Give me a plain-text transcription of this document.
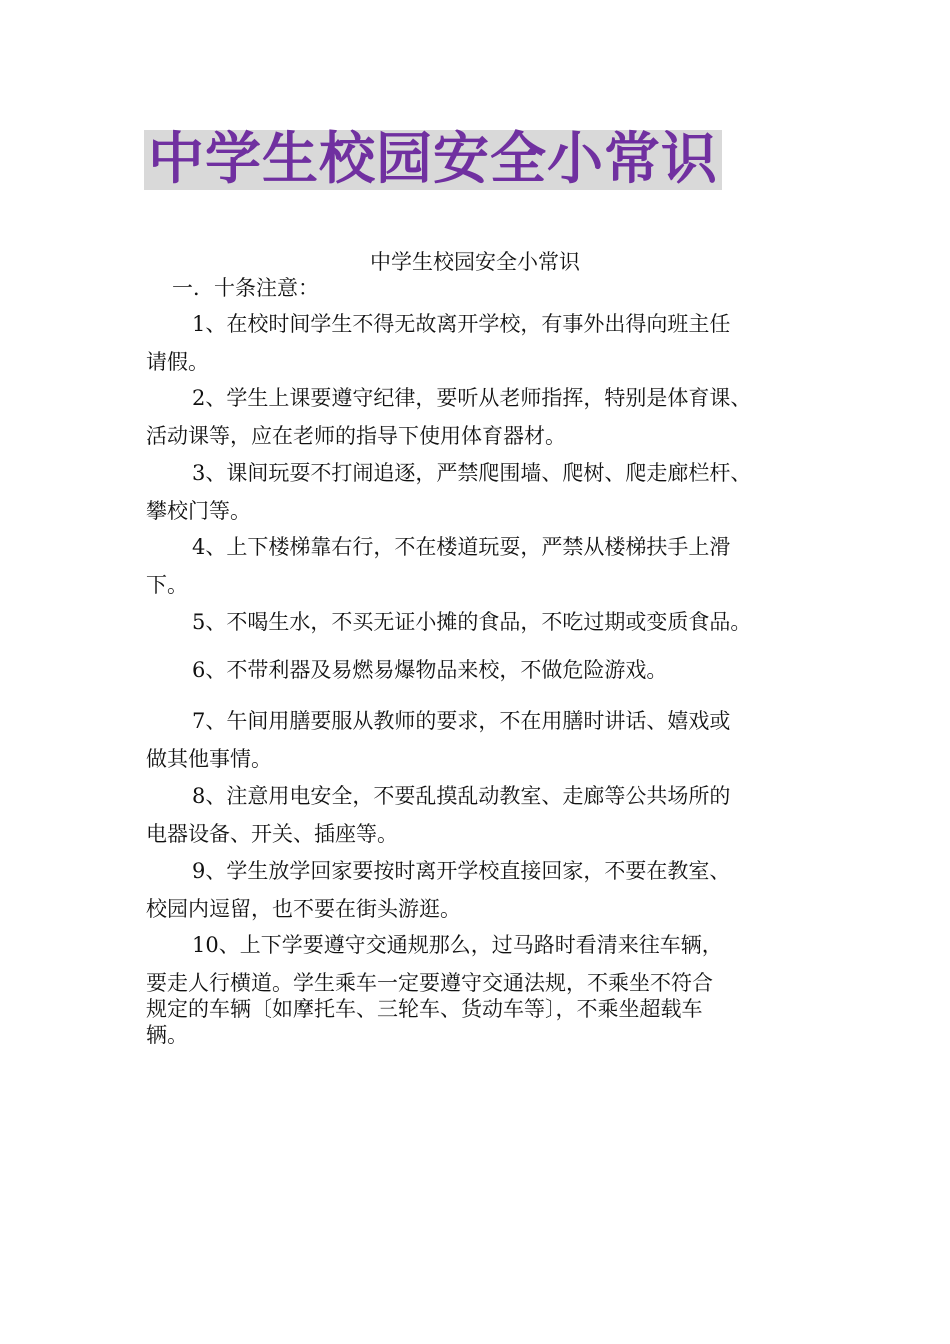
中学生校园安全小常识
中学生校园安全小常识
一．十条注意：
1、在校时间学生不得无故离开学校，有事外出得向班主任
请假。
2、学生上课要遵守纪律，要听从老师指挥，特别是体育课、
活动课等，应在老师的指导下使用体育器材。
3、课间玩耍不打闹追逐，严禁爬围墙、爬树、爬走廊栏杆、
攀校门等。
4、上下楼梯靠右行，不在楼道玩耍，严禁从楼梯扶手上滑
下。
5、不喝生水，不买无证小摊的食品，不吃过期或变质食品。
6、不带利器及易燃易爆物品来校，不做危险游戏。
7、午间用膳要服从教师的要求，不在用膳时讲话、嬉戏或
做其他事情。
8、注意用电安全，不要乱摸乱动教室、走廊等公共场所的
电器设备、开关、插座等。
9、学生放学回家要按时离开学校直接回家，不要在教室、
校园内逗留，也不要在街头游逛。
10、上下学要遵守交通规那么，过马路时看清来往车辆，
要走人行横道。学生乘车一定要遵守交通法规，不乘坐不符合
规定的车辆〔如摩托车、三轮车、货动车等〕，不乘坐超载车
辆。
